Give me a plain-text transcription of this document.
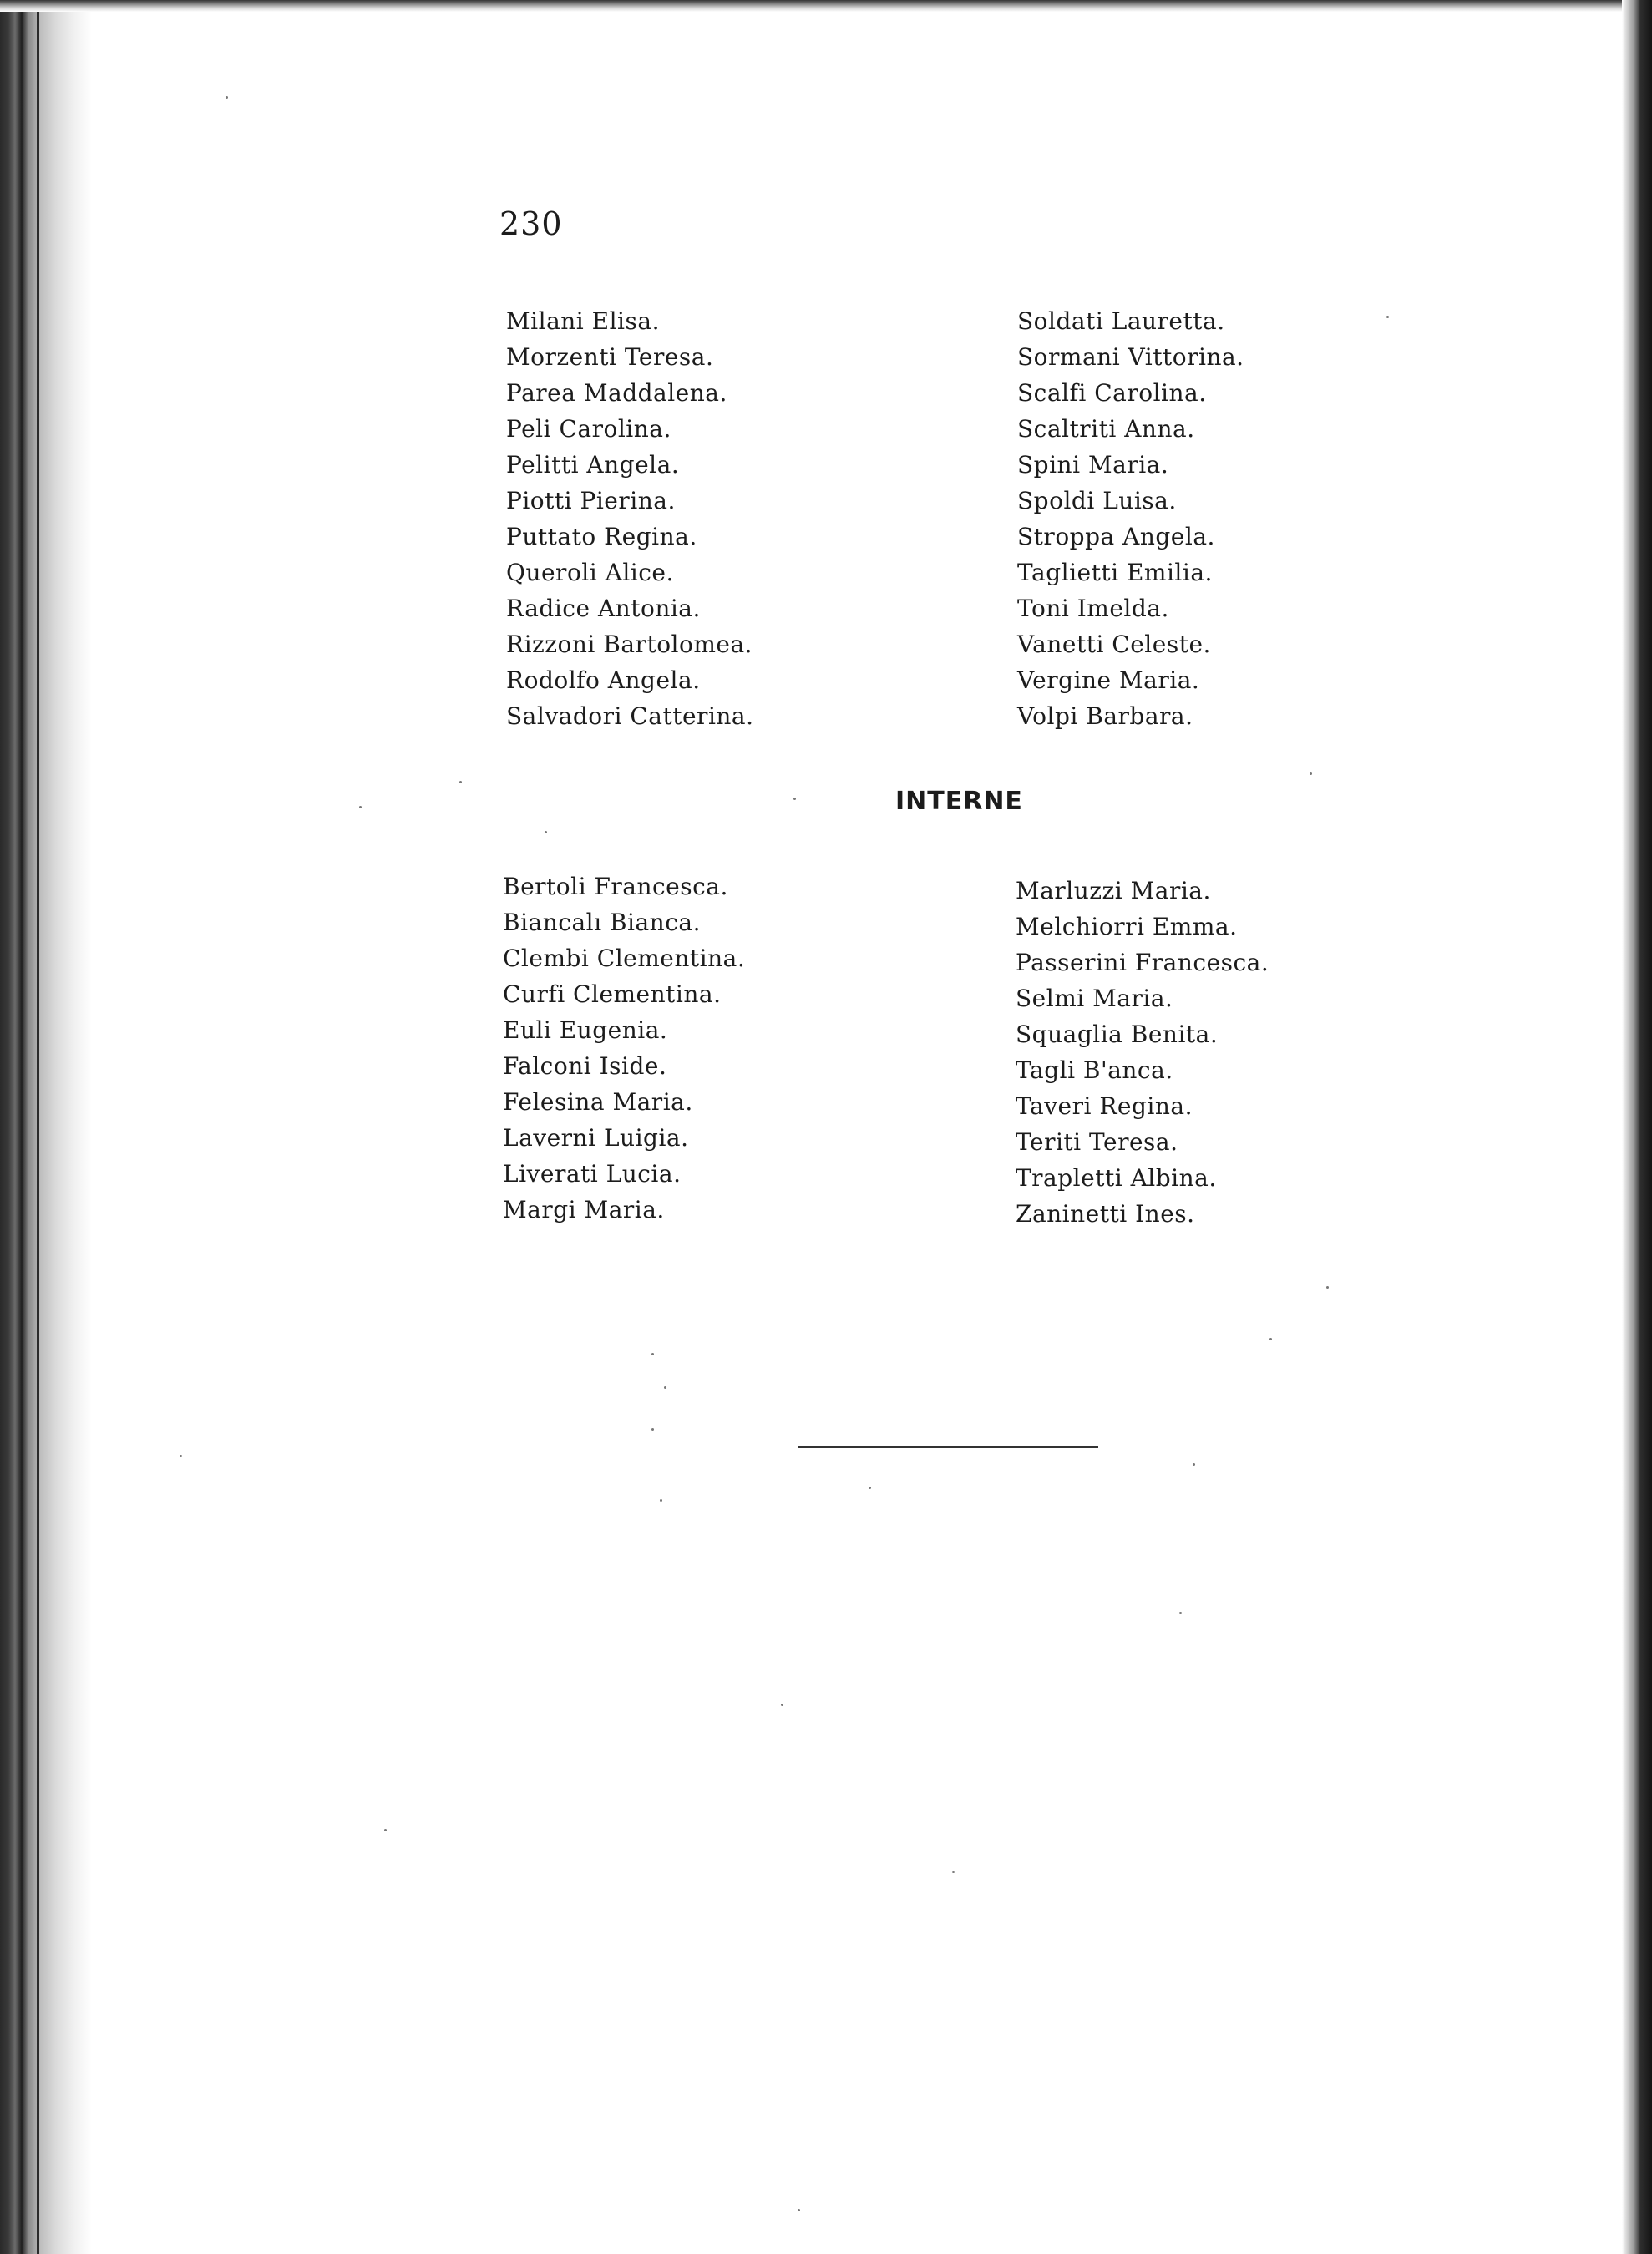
230
Milani Elisa.
Morzenti Teresa.
Parea Maddalena.
Peli Carolina.
Pelitti Angela.
Piotti Pierina.
Puttato Regina.
Queroli Alice.
Radice Antonia.
Rizzoni Bartolomea.
Rodolfo Angela.
Salvadori Catterina.
Soldati Lauretta.
Sormani Vittorina.
Scalfi Carolina.
Scaltriti Anna.
Spini Maria.
Spoldi Luisa.
Stroppa Angela.
Taglietti Emilia.
Toni Imelda.
Vanetti Celeste.
Vergine Maria.
Volpi Barbara.
INTERNE
Bertoli Francesca.
Biancalı Bianca.
Clembi Clementina.
Curfi Clementina.
Euli Eugenia.
Falconi Iside.
Felesina Maria.
Laverni Luigia.
Liverati Lucia.
Margi Maria.
Marluzzi Maria.
Melchiorri Emma.
Passerini Francesca.
Selmi Maria.
Squaglia Benita.
Tagli B'anca.
Taveri Regina.
Teriti Teresa.
Trapletti Albina.
Zaninetti Ines.
